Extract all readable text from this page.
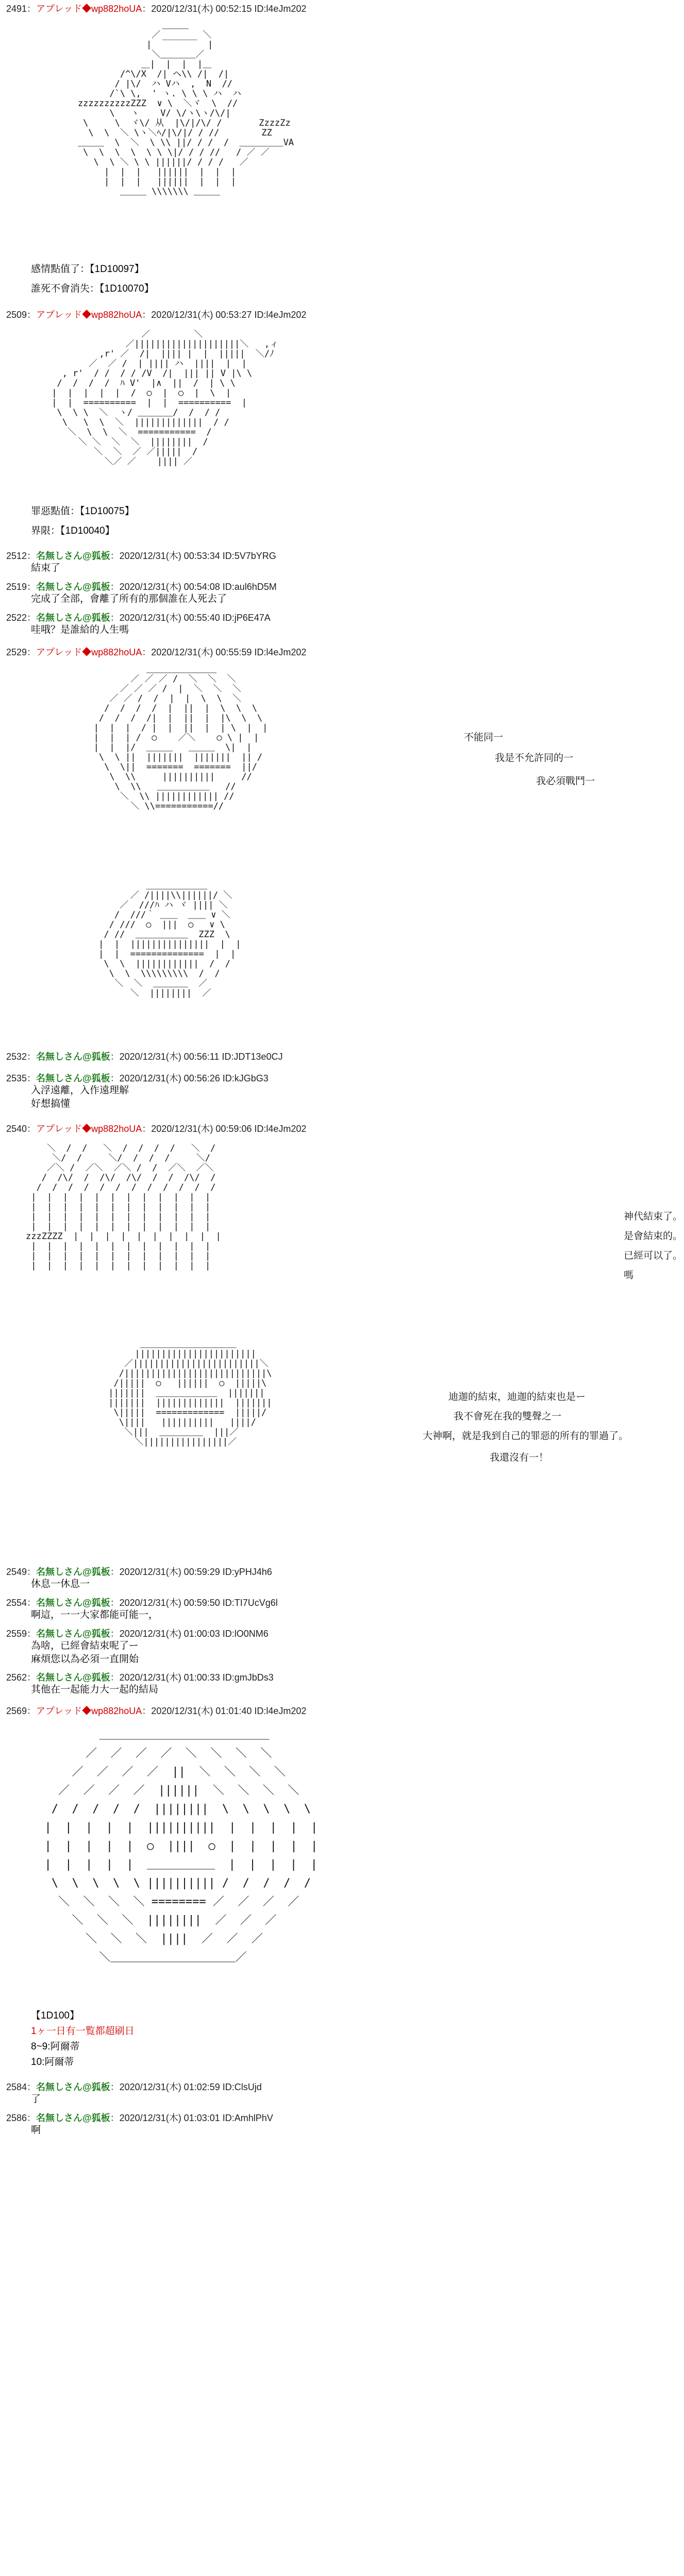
2491：アプレッド◆wp882hoUA：2020/12/31(木) 00:52:15 ID:l4eJm202
＿＿＿
／        ＼
|  ￣￣￣￣  |
＼＿＿＿＿／
＿|  |  |  |＿
/^\/X  /| ヘ\\ /|  /|
/ |\/  ハ Vハ  ,  N  //
/`\ \,  ' ヽ. \ \ \ ハ  ハ
zzzzzzzzzzZZZ  ∨ \  ＼ヾ  \  //
\   ヽ    V/ \/ヽ\ヽ/\/|
\     \  ヾ\/ 从  |\/|/\/ /       ZzzzZz
\  \  ＼ \ヽ＼ﾍ/|\/|/ / //        ZZ
＿＿＿  \  ＼  \ \\ ||/ / /  /  ＿＿＿＿＿VA
\  \  \  \  \ \ \|/ / / //   / ／ ／
\  \ ＼ \ \ ||||||/ / / /   ／
|  |  |   ||||||  |  |  |
|  |  |   ||||||  |  |  |
＿＿＿ \\\\\\\ ＿＿＿

感情點值了：【1D10097】
誰死不會消失：【1D10070】
2509：アプレッド◆wp882hoUA：2020/12/31(木) 00:53:27 ID:l4eJm202
／￣￣￣￣￣＼
／||||||||||||||||||||＼   ,ィ
,r' ／  /|  |||| |  |  |||||  ＼/ﾉ
／  ／ /  | |||| ハ  ||||  |  |
, r'  / /  / / /V  /|  ||| || V |\ \
/  /  /  /  ﾊ V'  |∧  ||  /  | \ \
|  |  |  |  |  /  ○  |  ○  |  \  |
|  |  ==========  |  |  ==========  |
\  \ \  ＼  ヽ/ ＿＿＿＿/  /  / /
\   \  \  ＼  |||||||||||||  / /
＼  \  \  ＼  ===========  /
＼ ＼  ＼  ＼  ||||||||  /
＼  ＼  ／ ／|||||  /
＼／ ／    |||| ／

罪惡點值：【1D10075】
界限：【1D10040】
2512：名無しさん@狐板：2020/12/31(木) 00:53:34 ID:5V7bYRG
結束了
2519：名無しさん@狐板：2020/12/31(木) 00:54:08 ID:aul6hD5M
完成了全部，會離了所有的那個誰在人死去了
2522：名無しさん@狐板：2020/12/31(木) 00:55:40 ID:jP6E47A
哇哦？是誰給的人生嗎
2529：アプレッド◆wp882hoUA：2020/12/31(木) 00:55:59 ID:l4eJm202
＿＿＿＿＿＿＿＿
／ ／ ／ /  ＼  ＼  ＼
／ ／ ／ /  |  ＼  ＼  ＼
／ ／ /  /  |  |  \  \  ＼
/  /  /  /  |  ||  |  \  \  \
/  /  /  /|  |  ||  |  |\  \  \
|  |  |  / |  |  ||  |  | \  |  |
|  |  | /  ○    ／＼    ○ \ |  |
|  |  |/  ＿＿＿   ＿＿＿  \|  |
\  \ ||  |||||||  |||||||  || /
\  \||  =======  =======  ||/
\  \\     ||||||||||     //
\  \\   ＿＿＿＿＿＿   //
＼  \\ |||||||||||| //
＼ \\===========//

不能同一
我是不允許同的一
我必須戰鬥一
＿＿＿＿＿＿＿
／ /||||\\||||||/ ＼
／  ///ﾊ ハ ヾ |||| ＼
/  ///｀ ＿＿  ＿＿ ∨ ＼
/ ///  ○  |||  ○   ∨ \
/ //  ＿＿＿＿＿＿  ZZZ  \
|  |  |||||||||||||||  |  |
|  |  ==============  |  |
\  \  ||||||||||||  /  /
\  \  \\\\\\\\\  /  /
＼  ＼  ＿＿＿＿  ／
＼  ||||||||  ／

2532：名無しさん@狐板：2020/12/31(木) 00:56:11 ID:JDT13e0CJ
2535：名無しさん@狐板：2020/12/31(木) 00:56:26 ID:kJGbG3
入浮遠離，入作遠理解
好想搞懂
2540：アプレッド◆wp882hoUA：2020/12/31(木) 00:59:06 ID:l4eJm202
＼  /  /   ＼  /  /  /  /   ＼  /
＼/  /     ＼/  /  /  /     ＼/
／＼ /  ／＼  ／＼ /  /  ／＼  ／＼
/  /\/  /  /\/  /\/  /  /  /\/  /
/  /  /  /  /  /  /  /  /  /  /  /
|  |  |  |  |  |  |  |  |  |  |  |
|  |  |  |  |  |  |  |  |  |  |  |
|  |  |  |  |  |  |  |  |  |  |  |
|  |  |  |  |  |  |  |  |  |  |  |
zzzZZZZ  |  |  |  |  |  |  |  |  |  |
|  |  |  |  |  |  |  |  |  |  |  |
|  |  |  |  |  |  |  |  |  |  |  |
|  |  |  |  |  |  |  |  |  |  |  |

神代結束了。
是會結束的。
已經可以了。
嗎
＿＿＿＿＿＿＿＿＿＿＿
|||||||||||||||||||||||
／||||||||||||||||||||||||＼
/|||||||||||||||||||||||||||\
/|||||  ○   ||||||  ○  |||||\
|||||||  ＿＿＿＿＿＿＿  |||||||
|||||||  |||||||||||||  |||||||
\|||||  =============  |||||/
\||||   ||||||||||   ||||/
＼|||  ＿＿＿＿＿  |||／
＼||||||||||||||||／

迪迦的結束，迪迦的結束也是ー
我不會死在我的雙聲之一
大神啊，就是我到自己的罪惡的所有的罪過了。
我還沒有一！
2549：名無しさん@狐板：2020/12/31(木) 00:59:29 ID:yPHJ4h6
休息一休息一
2554：名無しさん@狐板：2020/12/31(木) 00:59:50 ID:TI7UcVg6l
啊這，一一大家都能可能一，
2559：名無しさん@狐板：2020/12/31(木) 01:00:03 ID:lO0NM6
為啥，已經會結束呢了ー
麻煩您以為必須一直開始
2562：名無しさん@狐板：2020/12/31(木) 01:00:33 ID:gmJbDs3
其他在一起能力大一起的結局
2569：アプレッド◆wp882hoUA：2020/12/31(木) 01:01:40 ID:l4eJm202
＿＿＿＿＿＿＿＿＿＿＿＿＿＿＿
／  ／  ／  ／  ＼  ＼  ＼  ＼
／  ／  ／  ／  ||  ＼  ＼  ＼  ＼
／  ／  ／  ／  ||||||  ＼  ＼  ＼  ＼
/  /  /  /  /  ||||||||  \  \  \  \  \
|  |  |  |  |  ||||||||||  |  |  |  |  |
|  |  |  |  |  ○  ||||  ○  |  |  |  |  |
|  |  |  |  |  ＿＿＿＿＿＿  |  |  |  |  |
\  \  \  \  \ |||||||||| /  /  /  /  /
＼  ＼  ＼  ＼ ======== ／  ／  ／  ／
＼  ＼  ＼  ||||||||  ／  ／  ／
＼  ＼  ＼  ||||  ／  ／  ／
＼＿＿＿＿＿＿＿＿＿＿＿／

【1D100】
1ヶ一日有一覧都超刷日
8~9:阿爾蒂
10:阿爾蒂
2584：名無しさん@狐板：2020/12/31(木) 01:02:59 ID:ClsUjd
了
2586：名無しさん@狐板：2020/12/31(木) 01:03:01 ID:AmhlPhV
啊
